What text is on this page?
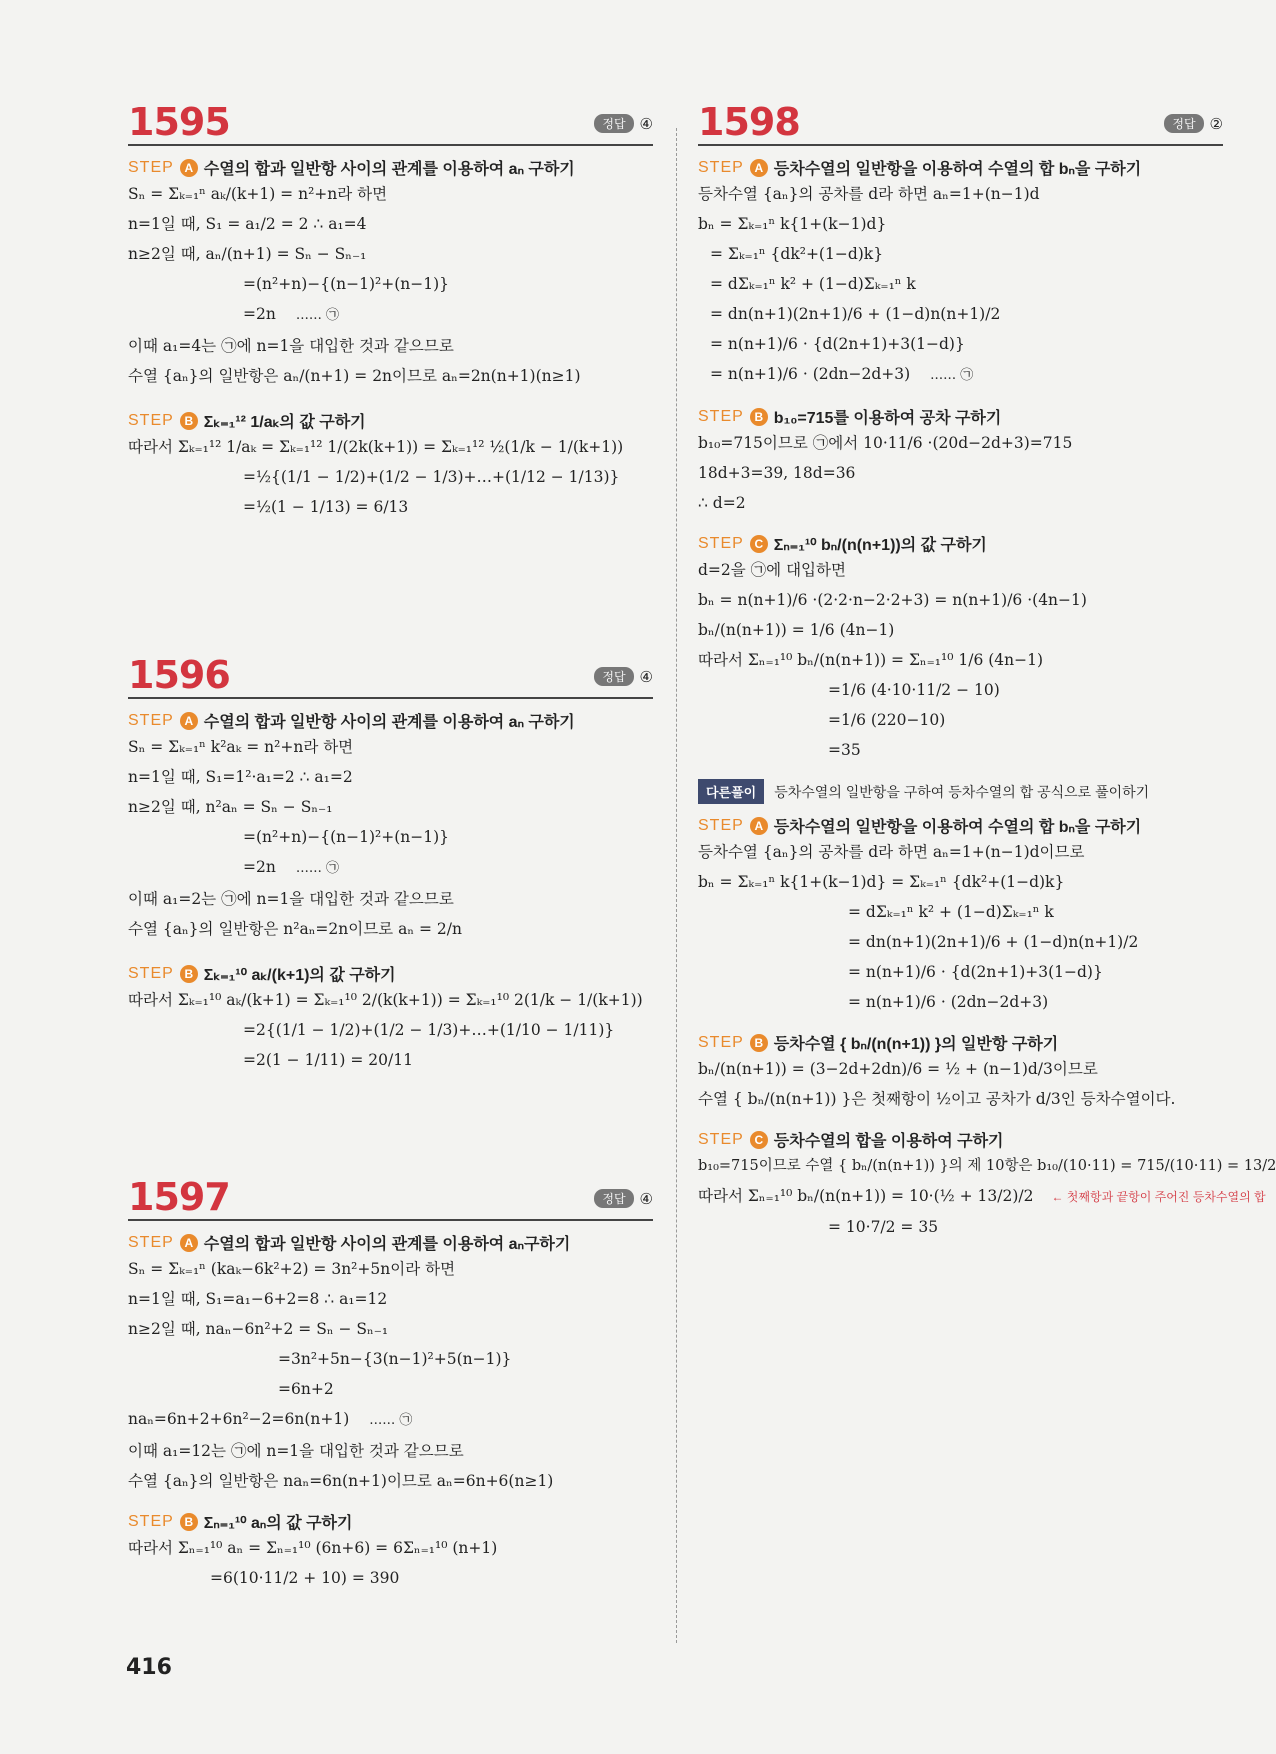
1595	정답 ④
STEP A 수열의 합과 일반항 사이의 관계를 이용하여 aₙ 구하기
Sₙ = Σₖ₌₁ⁿ aₖ/(k+1) = n²+n라 하면
n=1일 때, S₁ = a₁/2 = 2 ∴ a₁=4
n≥2일 때, aₙ/(n+1) = Sₙ − Sₙ₋₁
=(n²+n)−{(n−1)²+(n−1)}
=2n …… ㉠
이때 a₁=4는 ㉠에 n=1을 대입한 것과 같으므로
수열 {aₙ}의 일반항은 aₙ/(n+1) = 2n이므로 aₙ=2n(n+1)(n≥1)
STEP B Σₖ₌₁¹² 1/aₖ의 값 구하기
따라서 Σₖ₌₁¹² 1/aₖ = Σₖ₌₁¹² 1/(2k(k+1)) = Σₖ₌₁¹² ½(1/k − 1/(k+1))
=½{(1/1 − 1/2)+(1/2 − 1/3)+…+(1/12 − 1/13)}
=½(1 − 1/13) = 6/13
1596	정답 ④
STEP A 수열의 합과 일반항 사이의 관계를 이용하여 aₙ 구하기
Sₙ = Σₖ₌₁ⁿ k²aₖ = n²+n라 하면
n=1일 때, S₁=1²·a₁=2 ∴ a₁=2
n≥2일 때, n²aₙ = Sₙ − Sₙ₋₁
=(n²+n)−{(n−1)²+(n−1)}
=2n …… ㉠
이때 a₁=2는 ㉠에 n=1을 대입한 것과 같으므로
수열 {aₙ}의 일반항은 n²aₙ=2n이므로 aₙ = 2/n
STEP B Σₖ₌₁¹⁰ aₖ/(k+1)의 값 구하기
따라서 Σₖ₌₁¹⁰ aₖ/(k+1) = Σₖ₌₁¹⁰ 2/(k(k+1)) = Σₖ₌₁¹⁰ 2(1/k − 1/(k+1))
=2{(1/1 − 1/2)+(1/2 − 1/3)+…+(1/10 − 1/11)}
=2(1 − 1/11) = 20/11
1597	정답 ④
STEP A 수열의 합과 일반항 사이의 관계를 이용하여 aₙ구하기
Sₙ = Σₖ₌₁ⁿ (kaₖ−6k²+2) = 3n²+5n이라 하면
n=1일 때, S₁=a₁−6+2=8 ∴ a₁=12
n≥2일 때, naₙ−6n²+2 = Sₙ − Sₙ₋₁
=3n²+5n−{3(n−1)²+5(n−1)}
=6n+2
naₙ=6n+2+6n²−2=6n(n+1) …… ㉠
이때 a₁=12는 ㉠에 n=1을 대입한 것과 같으므로
수열 {aₙ}의 일반항은 naₙ=6n(n+1)이므로 aₙ=6n+6(n≥1)
STEP B Σₙ₌₁¹⁰ aₙ의 값 구하기
따라서 Σₙ₌₁¹⁰ aₙ = Σₙ₌₁¹⁰ (6n+6) = 6Σₙ₌₁¹⁰ (n+1)
=6(10·11/2 + 10) = 390
1598	정답 ②
STEP A 등차수열의 일반항을 이용하여 수열의 합 bₙ을 구하기
등차수열 {aₙ}의 공차를 d라 하면 aₙ=1+(n−1)d
bₙ = Σₖ₌₁ⁿ k{1+(k−1)d}
= Σₖ₌₁ⁿ {dk²+(1−d)k}
= dΣₖ₌₁ⁿ k² + (1−d)Σₖ₌₁ⁿ k
= dn(n+1)(2n+1)/6 + (1−d)n(n+1)/2
= n(n+1)/6 · {d(2n+1)+3(1−d)}
= n(n+1)/6 · (2dn−2d+3) …… ㉠
STEP B b₁₀=715를 이용하여 공차 구하기
b₁₀=715이므로 ㉠에서 10·11/6 ·(20d−2d+3)=715
18d+3=39, 18d=36
∴ d=2
STEP C Σₙ₌₁¹⁰ bₙ/(n(n+1))의 값 구하기
d=2을 ㉠에 대입하면
bₙ = n(n+1)/6 ·(2·2·n−2·2+3) = n(n+1)/6 ·(4n−1)
bₙ/(n(n+1)) = 1/6 (4n−1)
따라서 Σₙ₌₁¹⁰ bₙ/(n(n+1)) = Σₙ₌₁¹⁰ 1/6 (4n−1)
=1/6 (4·10·11/2 − 10)
=1/6 (220−10)
=35
다른풀이	등차수열의 일반항을 구하여 등차수열의 합 공식으로 풀이하기
STEP A 등차수열의 일반항을 이용하여 수열의 합 bₙ을 구하기
등차수열 {aₙ}의 공차를 d라 하면 aₙ=1+(n−1)d이므로
bₙ = Σₖ₌₁ⁿ k{1+(k−1)d} = Σₖ₌₁ⁿ {dk²+(1−d)k}
= dΣₖ₌₁ⁿ k² + (1−d)Σₖ₌₁ⁿ k
= dn(n+1)(2n+1)/6 + (1−d)n(n+1)/2
= n(n+1)/6 · {d(2n+1)+3(1−d)}
= n(n+1)/6 · (2dn−2d+3)
STEP B 등차수열 { bₙ/(n(n+1)) }의 일반항 구하기
bₙ/(n(n+1)) = (3−2d+2dn)/6 = ½ + (n−1)d/3이므로
수열 { bₙ/(n(n+1)) }은 첫째항이 ½이고 공차가 d/3인 등차수열이다.
STEP C 등차수열의 합을 이용하여 구하기
b₁₀=715이므로 수열 { bₙ/(n(n+1)) }의 제 10항은 b₁₀/(10·11) = 715/(10·11) = 13/2
따라서 Σₙ₌₁¹⁰ bₙ/(n(n+1)) = 10·(½ + 13/2)/2 ← 첫째항과 끝항이 주어진 등차수열의 합
= 10·7/2 = 35
416
